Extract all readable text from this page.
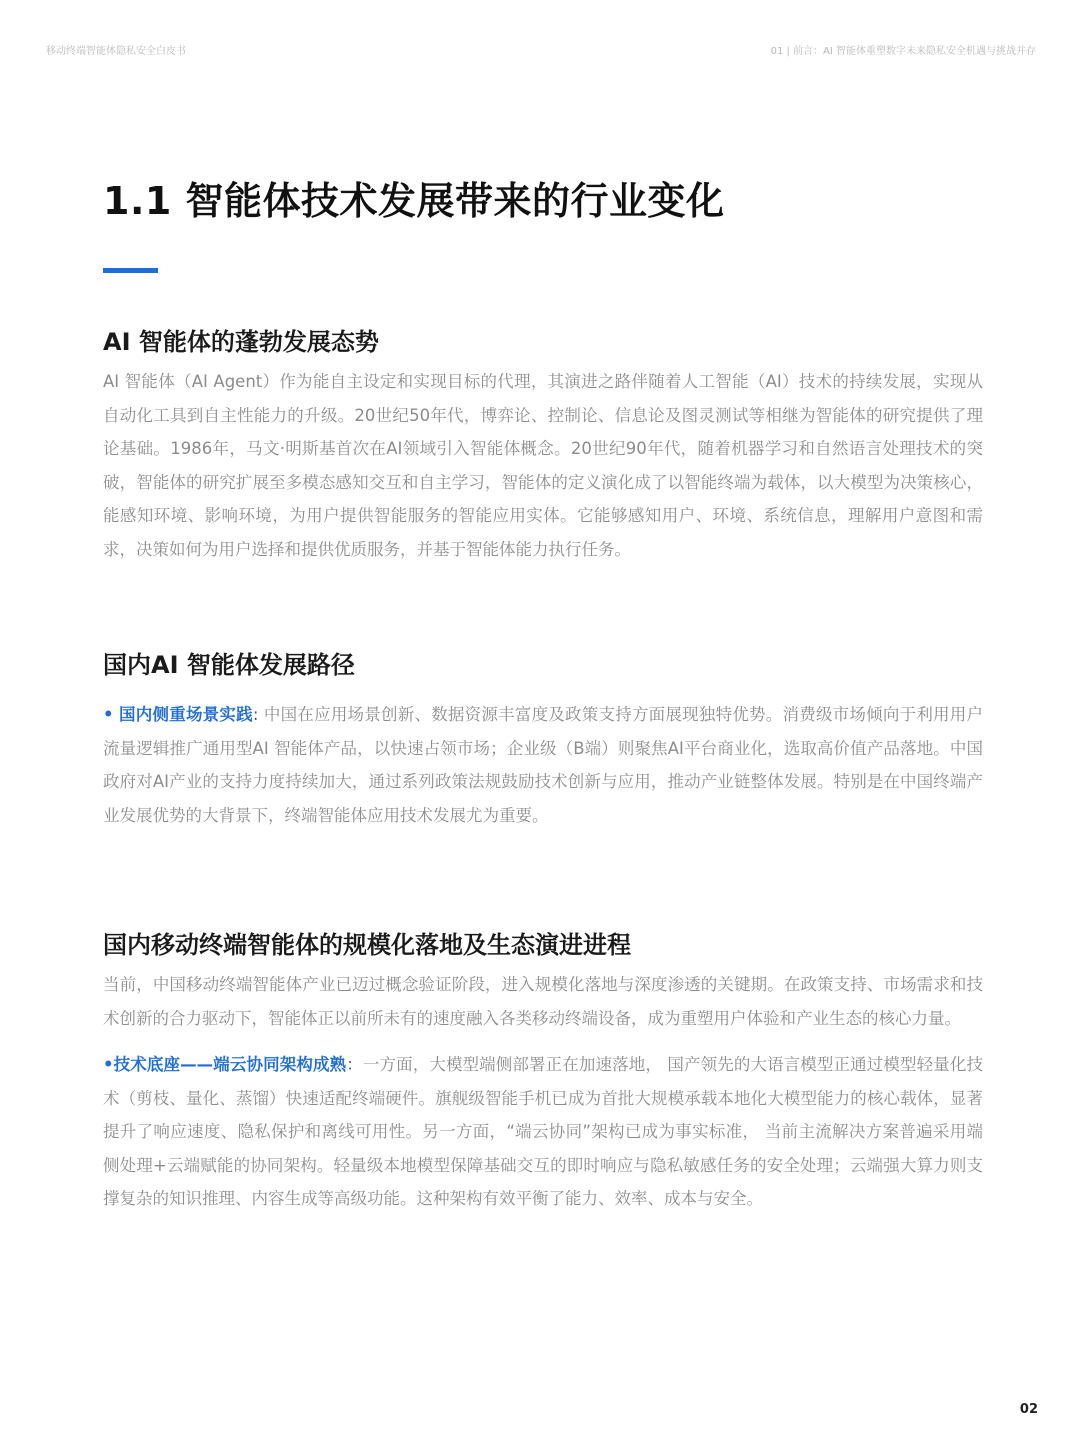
移动终端智能体隐私安全白皮书	01 | 前言：AI 智能体重塑数字未来隐私安全机遇与挑战并存
1.1 智能体技术发展带来的行业变化
AI 智能体的蓬勃发展态势

AI 智能体（AI Agent）作为能自主设定和实现目标的代理，其演进之路伴随着人工智能（AI）技术的持续发展，实现从自动化工具到自主性能力的升级。20世纪50年代，博弈论、控制论、信息论及图灵测试等相继为智能体的研究提供了理论基础。1986年，马文·明斯基首次在AI领域引入智能体概念。20世纪90年代，随着机器学习和自然语言处理技术的突破，智能体的研究扩展至多模态感知交互和自主学习，智能体的定义演化成了以智能终端为载体，以大模型为决策核心，能感知环境、影响环境，为用户提供智能服务的智能应用实体。它能够感知用户、环境、系统信息，理解用户意图和需求，决策如何为用户选择和提供优质服务，并基于智能体能力执行任务。

国内AI 智能体发展路径

• 国内侧重场景实践: 中国在应用场景创新、数据资源丰富度及政策支持方面展现独特优势。消费级市场倾向于利用用户流量逻辑推广通用型AI 智能体产品，以快速占领市场；企业级（B端）则聚焦AI平台商业化，选取高价值产品落地。中国政府对AI产业的支持力度持续加大，通过系列政策法规鼓励技术创新与应用，推动产业链整体发展。特别是在中国终端产业发展优势的大背景下，终端智能体应用技术发展尤为重要。

国内移动终端智能体的规模化落地及生态演进进程

当前，中国移动终端智能体产业已迈过概念验证阶段，进入规模化落地与深度渗透的关键期。在政策支持、市场需求和技术创新的合力驱动下，智能体正以前所未有的速度融入各类移动终端设备，成为重塑用户体验和产业生态的核心力量。

•技术底座——端云协同架构成熟：一方面，大模型端侧部署正在加速落地， 国产领先的大语言模型正通过模型轻量化技术（剪枝、量化、蒸馏）快速适配终端硬件。旗舰级智能手机已成为首批大规模承载本地化大模型能力的核心载体，显著提升了响应速度、隐私保护和离线可用性。另一方面，“端云协同”架构已成为事实标准， 当前主流解决方案普遍采用端侧处理+云端赋能的协同架构。轻量级本地模型保障基础交互的即时响应与隐私敏感任务的安全处理；云端强大算力则支撑复杂的知识推理、内容生成等高级功能。这种架构有效平衡了能力、效率、成本与安全。

02
